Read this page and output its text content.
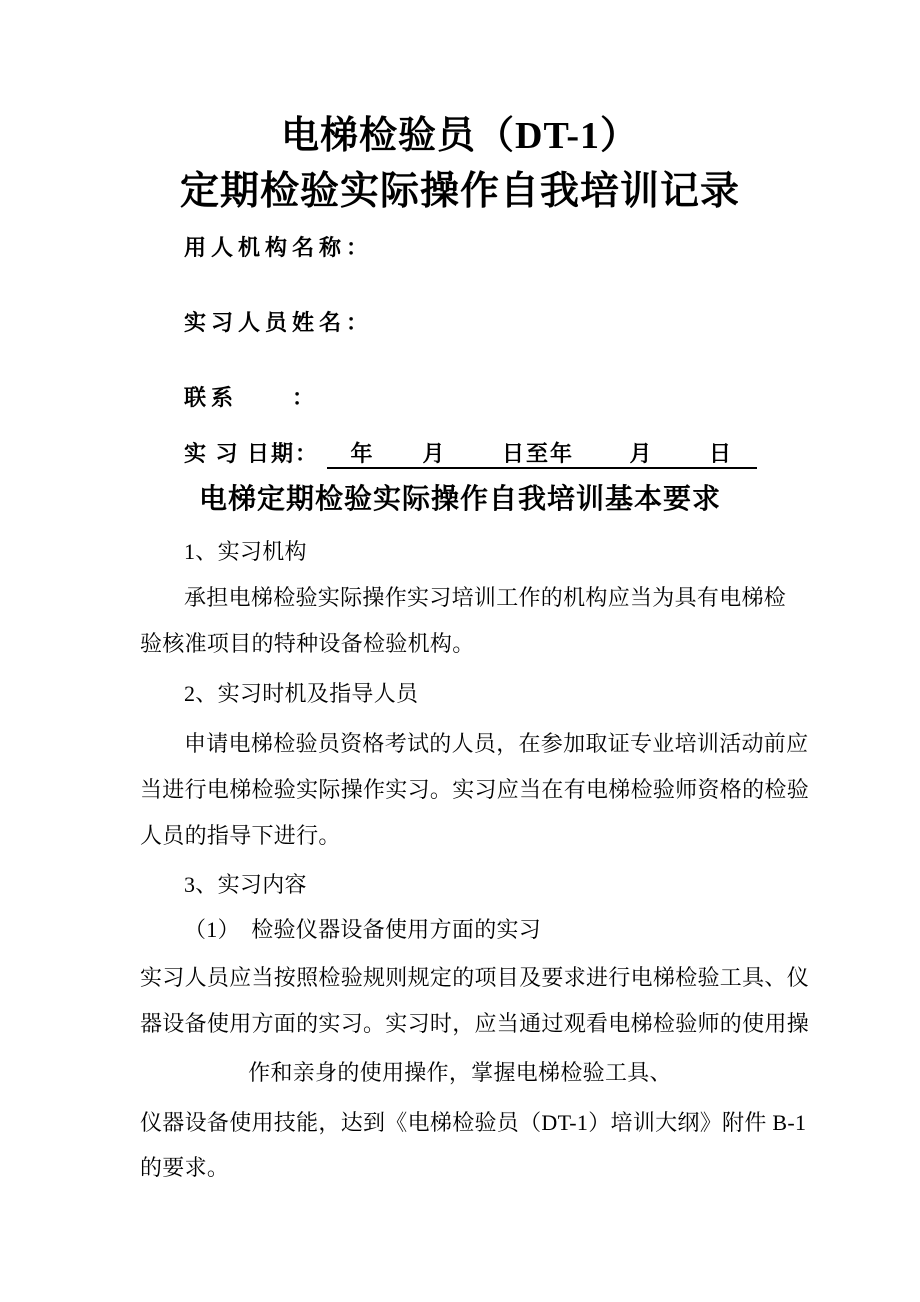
电梯检验员（DT-1）
定期检验实际操作自我培训记录
用人机构名称：
实习人员姓名：
联系　　：
实 习 日期： 　年　　月　　 日至年　　 月　　 日　
电梯定期检验实际操作自我培训基本要求
1、实习机构
承担电梯检验实际操作实习培训工作的机构应当为具有电梯检
验核准项目的特种设备检验机构。
2、实习时机及指导人员
申请电梯检验员资格考试的人员，在参加取证专业培训活动前应
当进行电梯检验实际操作实习。实习应当在有电梯检验师资格的检验
人员的指导下进行。
3、实习内容
（1）　检验仪器设备使用方面的实习
实习人员应当按照检验规则规定的项目及要求进行电梯检验工具、仪
器设备使用方面的实习。实习时，应当通过观看电梯检验师的使用操
作和亲身的使用操作，掌握电梯检验工具、
仪器设备使用技能，达到《电梯检验员（DT-1）培训大纲》附件 B-1
的要求。
